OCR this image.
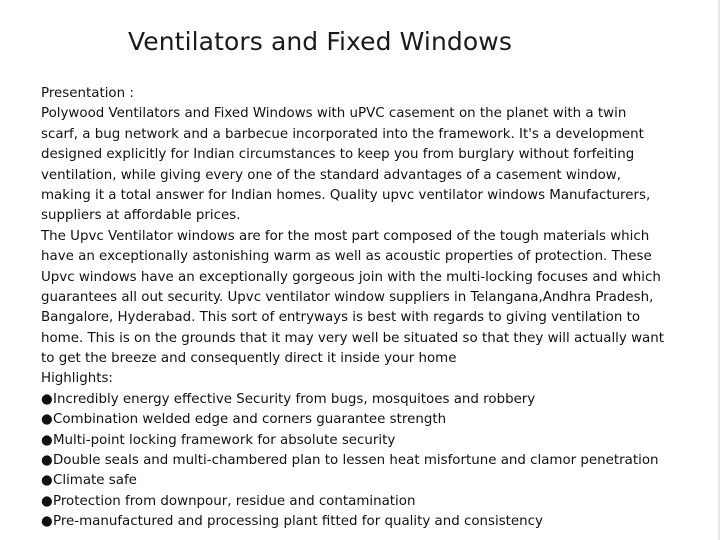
Ventilators and Fixed Windows
Presentation :
Polywood Ventilators and Fixed Windows with uPVC casement on the planet with a twin
scarf, a bug network and a barbecue incorporated into the framework. It's a development
designed explicitly for Indian circumstances to keep you from burglary without forfeiting
ventilation, while giving every one of the standard advantages of a casement window,
making it a total answer for Indian homes. Quality upvc ventilator windows Manufacturers,
suppliers at affordable prices.
The Upvc Ventilator windows are for the most part composed of the tough materials which
have an exceptionally astonishing warm as well as acoustic properties of protection. These
Upvc windows have an exceptionally gorgeous join with the multi-locking focuses and which
guarantees all out security. Upvc ventilator window suppliers in Telangana,Andhra Pradesh,
Bangalore, Hyderabad. This sort of entryways is best with regards to giving ventilation to
home. This is on the grounds that it may very well be situated so that they will actually want
to get the breeze and consequently direct it inside your home
Highlights:
●Incredibly energy effective Security from bugs, mosquitoes and robbery
●Combination welded edge and corners guarantee strength
●Multi-point locking framework for absolute security
●Double seals and multi-chambered plan to lessen heat misfortune and clamor penetration
●Climate safe
●Protection from downpour, residue and contamination
●Pre-manufactured and processing plant fitted for quality and consistency
